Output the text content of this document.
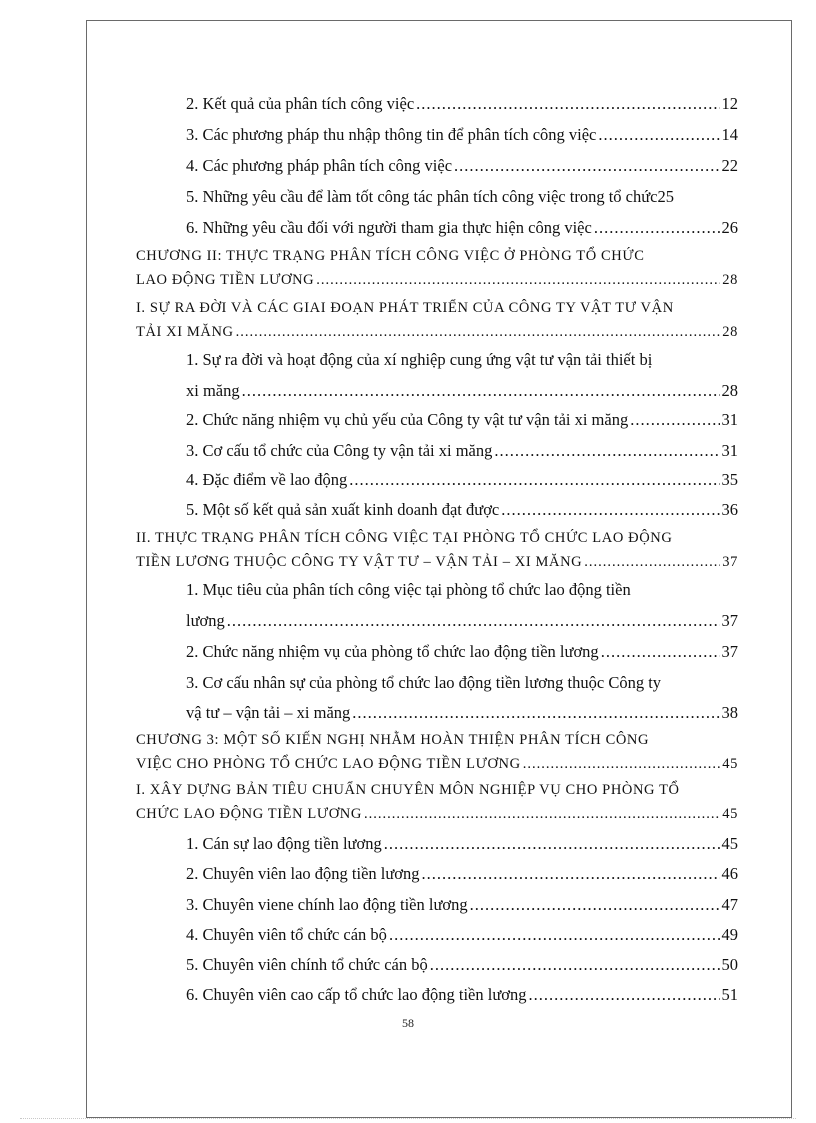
2. Kết quả của phân tích công việc .....	12
3. Các phương pháp thu nhập thông tin để phân tích công việc .....	14
4. Các phương pháp phân tích công việc .....	22
5. Những yêu cầu để làm tốt công tác phân tích công việc trong tổ chức 25
6. Những yêu cầu đối với người tham gia thực hiện công việc .....	26
CHƯƠNG II: THỰC TRẠNG PHÂN TÍCH CÔNG VIỆC Ở PHÒNG TỔ CHỨC
LAO ĐỘNG TIỀN LƯƠNG .....	28
I. SỰ RA ĐỜI VÀ CÁC GIAI ĐOẠN PHÁT TRIỂN CỦA CÔNG TY VẬT TƯ VẬN
TẢI XI MĂNG .....	28
1. Sự ra đời và hoạt động của xí nghiệp cung ứng vật tư vận tải thiết bị
xi măng .....	28
2. Chức năng nhiệm vụ chủ yếu của Công ty vật tư vận tải xi măng .....	31
3. Cơ cấu tổ chức của Công ty vận tải xi măng .....	31
4. Đặc điểm về lao động .....	35
5. Một số kết quả sản xuất kinh doanh đạt được .....	36
II. THỰC TRẠNG PHÂN TÍCH CÔNG VIỆC TẠI PHÒNG TỔ CHỨC LAO ĐỘNG
TIỀN LƯƠNG THUỘC CÔNG TY VẬT TƯ – VẬN TẢI – XI MĂNG .....	37
1. Mục tiêu của phân tích công việc tại phòng tổ chức lao động tiền
lương .....	37
2. Chức năng nhiệm vụ của phòng tổ chức lao động tiền lương .....	37
3. Cơ cấu nhân sự của phòng tổ chức lao động tiền lương thuộc Công ty
vậ tư – vận tải – xi măng .....	38
CHƯƠNG 3: MỘT SỐ KIẾN NGHỊ NHẰM HOÀN THIỆN PHÂN TÍCH CÔNG
VIỆC CHO PHÒNG TỔ CHỨC LAO ĐỘNG TIỀN LƯƠNG .....	45
I. XÂY DỰNG BẢN TIÊU CHUẨN CHUYÊN MÔN NGHIỆP VỤ CHO PHÒNG TỔ
CHỨC LAO ĐỘNG TIỀN LƯƠNG .....	45
1. Cán sự lao động tiền lương .....	45
2. Chuyên viên lao động tiền lương .....	46
3. Chuyên viene chính lao động tiền lương .....	47
4. Chuyên viên tổ chức cán bộ .....	49
5. Chuyên viên chính tổ chức cán bộ .....	50
6. Chuyên viên cao cấp tổ chức lao động tiền lương .....	51
58
